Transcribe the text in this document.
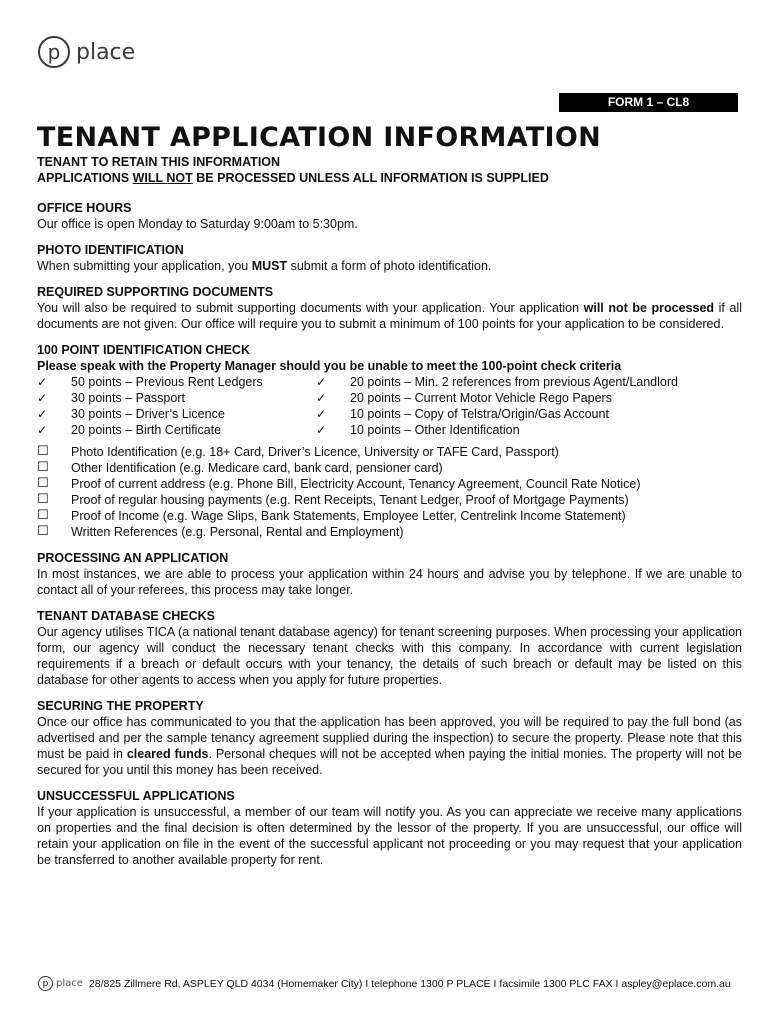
p place
FORM 1 – CL8
TENANT APPLICATION INFORMATION
TENANT TO RETAIN THIS INFORMATION
APPLICATIONS WILL NOT BE PROCESSED UNLESS ALL INFORMATION IS SUPPLIED
OFFICE HOURS

Our office is open Monday to Saturday 9:00am to 5:30pm.

PHOTO IDENTIFICATION

When submitting your application, you MUST submit a form of photo identification.

REQUIRED SUPPORTING DOCUMENTS

You will also be required to submit supporting documents with your application. Your application will not be processed if all documents are not given. Our office will require you to submit a minimum of 100 points for your application to be considered.

100 POINT IDENTIFICATION CHECK
Please speak with the Property Manager should you be unable to meet the 100-point check criteria
✓	50 points – Previous Rent Ledgers	✓	20 points – Min. 2 references from previous Agent/Landlord
✓	30 points – Passport	✓	20 points – Current Motor Vehicle Rego Papers
✓	30 points – Driver’s Licence	✓	10 points – Copy of Telstra/Origin/Gas Account
✓	20 points – Birth Certificate	✓	10 points – Other Identification
☐	Photo Identification (e.g. 18+ Card, Driver’s Licence, University or TAFE Card, Passport)
☐	Other Identification (e.g. Medicare card, bank card, pensioner card)
☐	Proof of current address (e.g. Phone Bill, Electricity Account, Tenancy Agreement, Council Rate Notice)
☐	Proof of regular housing payments (e.g. Rent Receipts, Tenant Ledger, Proof of Mortgage Payments)
☐	Proof of Income (e.g. Wage Slips, Bank Statements, Employee Letter, Centrelink Income Statement)
☐	Written References (e.g. Personal, Rental and Employment)
PROCESSING AN APPLICATION

In most instances, we are able to process your application within 24 hours and advise you by telephone. If we are unable to contact all of your referees, this process may take longer.

TENANT DATABASE CHECKS

Our agency utilises TICA (a national tenant database agency) for tenant screening purposes. When processing your application form, our agency will conduct the necessary tenant checks with this company. In accordance with current legislation requirements if a breach or default occurs with your tenancy, the details of such breach or default may be listed on this database for other agents to access when you apply for future properties.

SECURING THE PROPERTY

Once our office has communicated to you that the application has been approved, you will be required to pay the full bond (as advertised and per the sample tenancy agreement supplied during the inspection) to secure the property. Please note that this must be paid in cleared funds. Personal cheques will not be accepted when paying the initial monies. The property will not be secured for you until this money has been received.

UNSUCCESSFUL APPLICATIONS

If your application is unsuccessful, a member of our team will notify you. As you can appreciate we receive many applications on properties and the final decision is often determined by the lessor of the property. If you are unsuccessful, our office will retain your application on file in the event of the successful applicant not proceeding or you may request that your application be transferred to another available property for rent.

p place 28/825 Zillmere Rd, ASPLEY QLD 4034 (Homemaker City) I telephone 1300 P PLACE I facsimile 1300 PLC FAX I aspley@eplace.com.au
